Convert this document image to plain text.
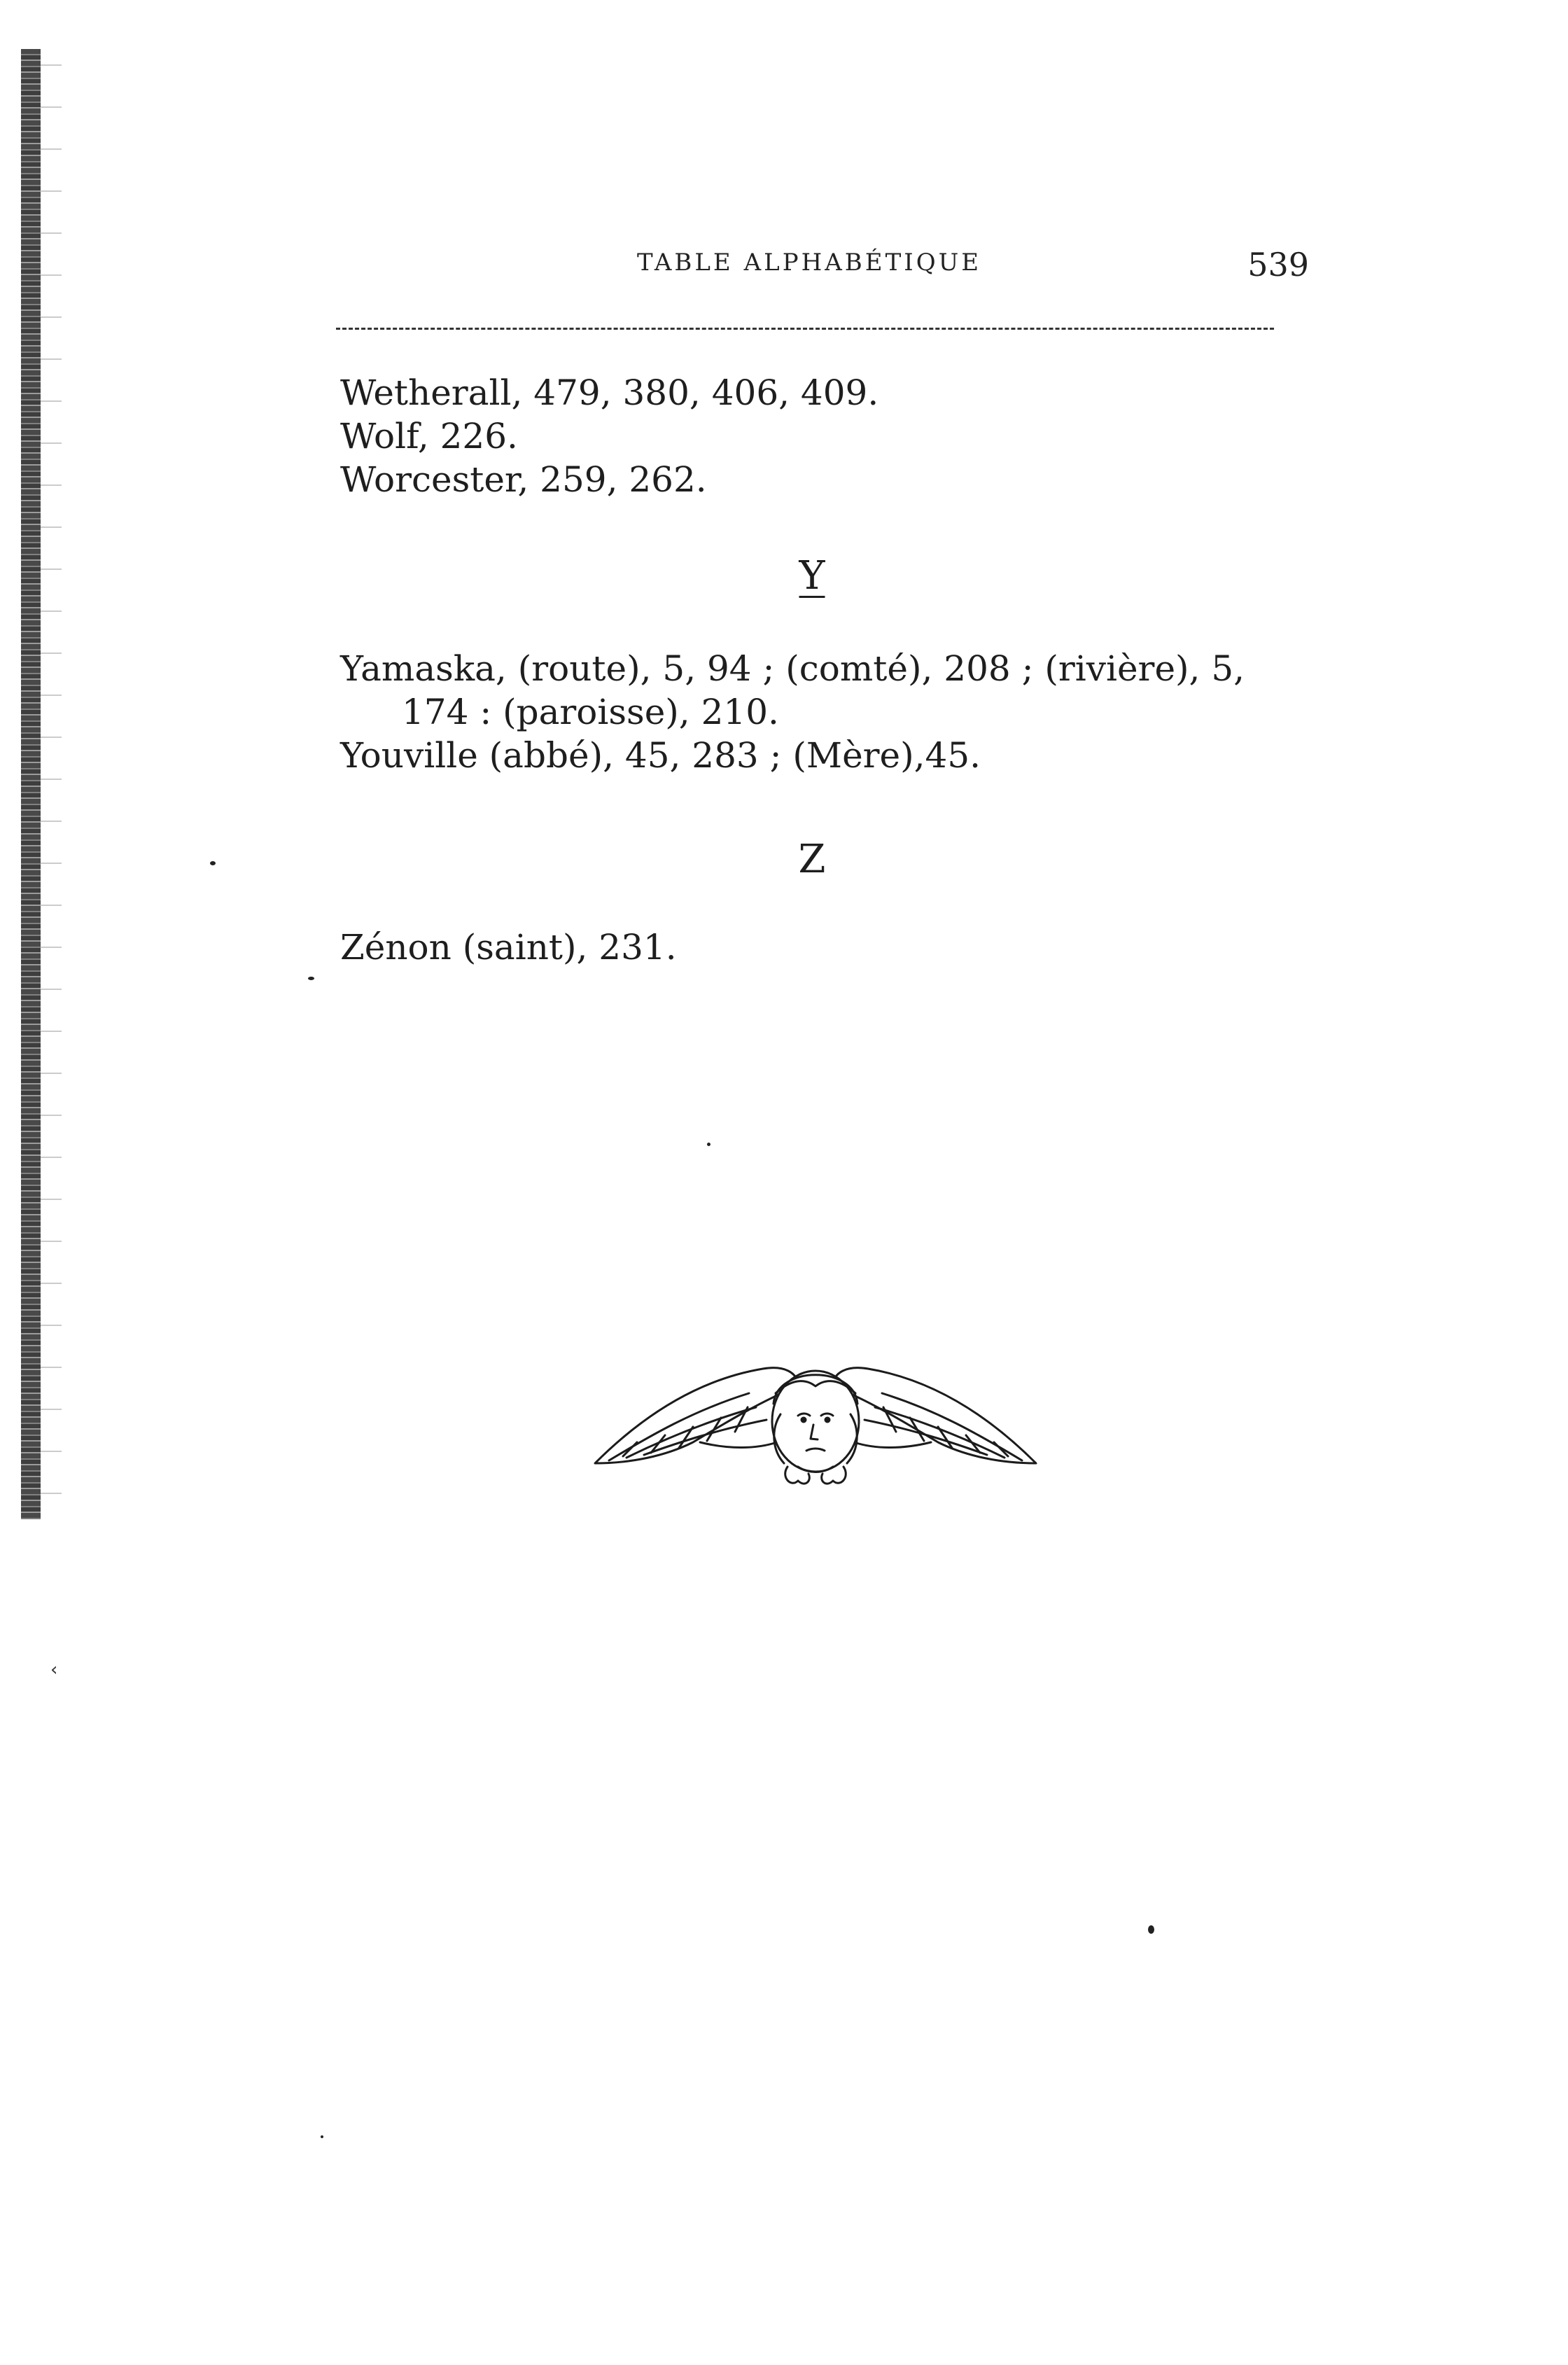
‹
TABLE ALPHABÉTIQUE	539

Wetherall, 479, 380, 406, 409.

Wolf, 226.

Worcester, 259, 262.

Y

Yamaska, (route), 5, 94 ; (comté), 208 ; (rivière), 5, 174 : (paroisse), 210.

Youville (abbé), 45, 283 ; (Mère),45.

Z

Zénon (saint), 231.
